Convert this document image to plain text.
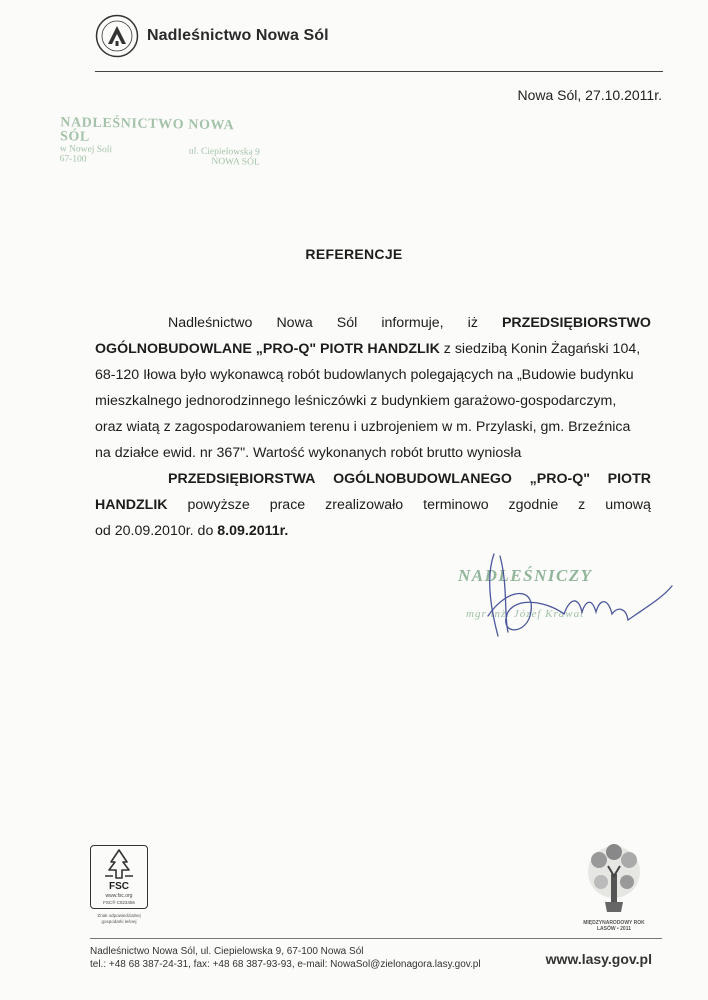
Nadleśnictwo Nowa Sól
Nowa Sól, 27.10.2011r.
NADLEŚNICTWO NOWA SÓL
w Nowej Soli	ul. Ciepielowska 9
67-100	NOWA SÓL
REFERENCJE
Nadleśnictwo Nowa Sól informuje, iż PRZEDSIĘBIORSTWO
OGÓLNOBUDOWLANE „PRO-Q" PIOTR HANDZLIK z siedzibą Konin Żagański 104,
68-120 Iłowa było wykonawcą robót budowlanych polegających na „Budowie budynku
mieszkalnego jednorodzinnego leśniczówki z budynkiem garażowo-gospodarczym,
oraz wiatą z zagospodarowaniem terenu i uzbrojeniem w m. Przylaski, gm. Brzeźnica
na działce ewid. nr 367". Wartość wykonanych robót brutto wyniosła
PRZEDSIĘBIORSTWA OGÓLNOBUDOWLANEGO „PRO-Q" PIOTR
HANDZLIK powyższe prace zrealizowało terminowo zgodnie z umową
od 20.09.2010r. do 8.09.2011r.
NADLEŚNICZY
mgr inż. Józef Krawat
FSC
www.fsc.org
FSC® C023456
Znak odpowiedzialnej gospodarki leśnej	MIĘDZYNARODOWY ROK LASÓW • 2011
Nadleśnictwo Nowa Sól, ul. Ciepielowska 9, 67-100 Nowa Sól
tel.: +48 68 387-24-31, fax: +48 68 387-93-93, e-mail: NowaSol@zielonagora.lasy.gov.pl	www.lasy.gov.pl
